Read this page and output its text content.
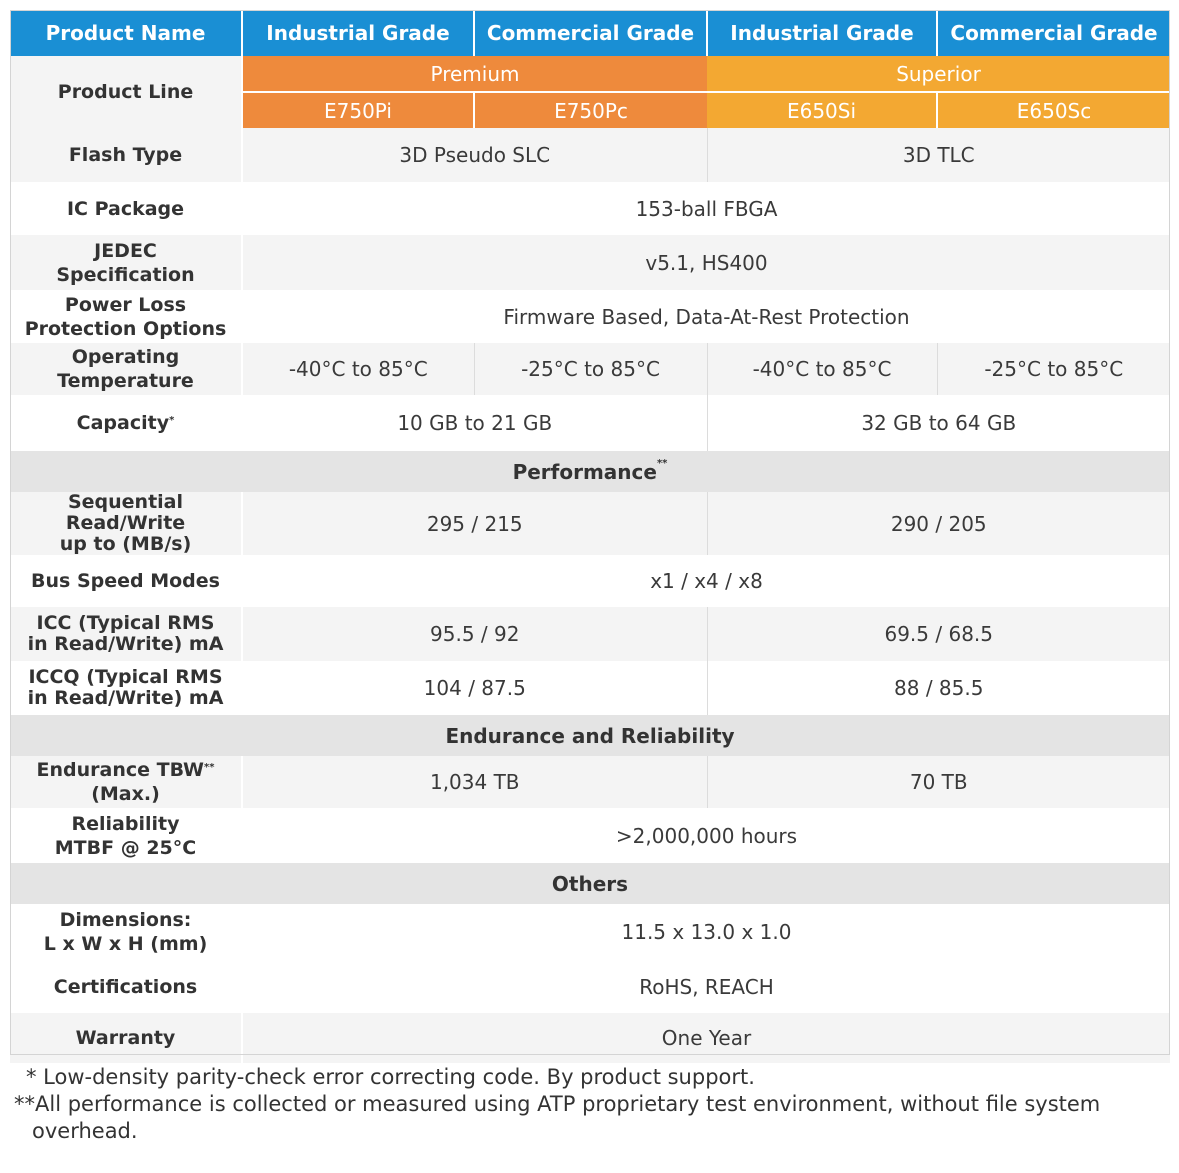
Product Name	Industrial Grade	Commercial Grade	Industrial Grade	Commercial Grade
Product Line	Premium		Superior	
	E750Pi	E750Pc	E650Si	E650Sc
Flash Type	3D Pseudo SLC		3D TLC	
IC Package	153-ball FBGA			

JEDEC
Specification	v5.1, HS400			

Power Loss
Protection Options	Firmware Based, Data-At-Rest Protection			

Operating
Temperature	-40°C to 85°C	-25°C to 85°C	-40°C to 85°C	-25°C to 85°C
Capacity*	10 GB to 21 GB		32 GB to 64 GB	
Performance**

Sequential Read/Write
up to (MB/s)	295 / 215		290 / 205	
Bus Speed Modes	x1 / x4 / x8			

ICC (Typical RMS
in Read/Write) mA	95.5 / 92		69.5 / 68.5	

ICCQ (Typical RMS
in Read/Write) mA	104 / 87.5		88 / 85.5	
Endurance and Reliability				
Endurance TBW** (Max.)	1,034 TB		70 TB	

Reliability
MTBF @ 25°C	>2,000,000 hours			
Others				

Dimensions:
L x W x H (mm)	11.5 x 13.0 x 1.0			
Certifications	RoHS, REACH			
Warranty	One Year			

* Low-density parity-check error correcting code. By product support.

**All performance is collected or measured using ATP proprietary test environment, without file system

overhead.
